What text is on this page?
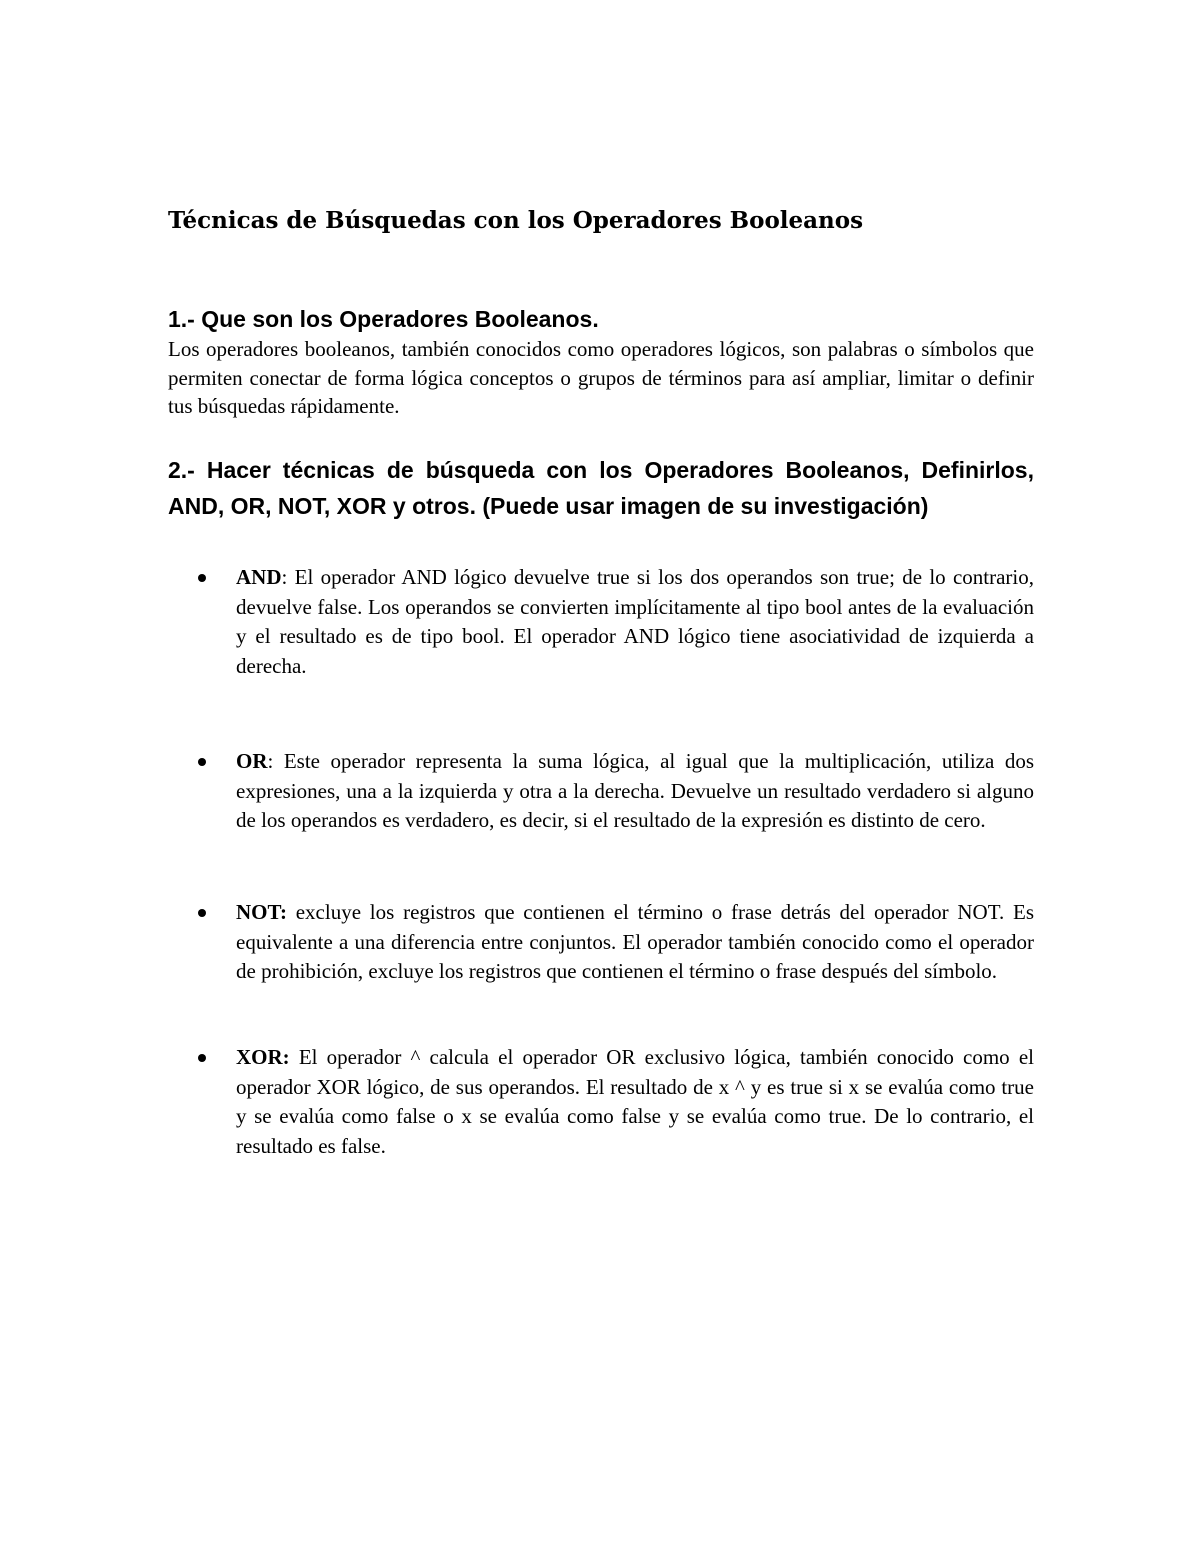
Técnicas de Búsquedas con los Operadores Booleanos
1.- Que son los Operadores Booleanos.

Los operadores booleanos, también conocidos como operadores lógicos, son palabras o símbolos que permiten conectar de forma lógica conceptos o grupos de términos para así ampliar, limitar o definir tus búsquedas rápidamente.

2.- Hacer técnicas de búsqueda con los Operadores Booleanos, Definirlos, AND, OR, NOT, XOR y otros. (Puede usar imagen de su investigación)

AND: El operador AND lógico devuelve true si los dos operandos son true; de lo contrario, devuelve false. Los operandos se convierten implícitamente al tipo bool antes de la evaluación y el resultado es de tipo bool. El operador AND lógico tiene asociatividad de izquierda a derecha.

OR: Este operador representa la suma lógica, al igual que la multiplicación, utiliza dos expresiones, una a la izquierda y otra a la derecha. Devuelve un resultado verdadero si alguno de los operandos es verdadero, es decir, si el resultado de la expresión es distinto de cero.

NOT: excluye los registros que contienen el término o frase detrás del operador NOT. Es equivalente a una diferencia entre conjuntos. El operador también conocido como el operador de prohibición, excluye los registros que contienen el término o frase después del símbolo.

XOR: El operador ^ calcula el operador OR exclusivo lógica, también conocido como el operador XOR lógico, de sus operandos. El resultado de x ^ y es true si x se evalúa como true y se evalúa como false o x se evalúa como false y se evalúa como true. De lo contrario, el resultado es false.
